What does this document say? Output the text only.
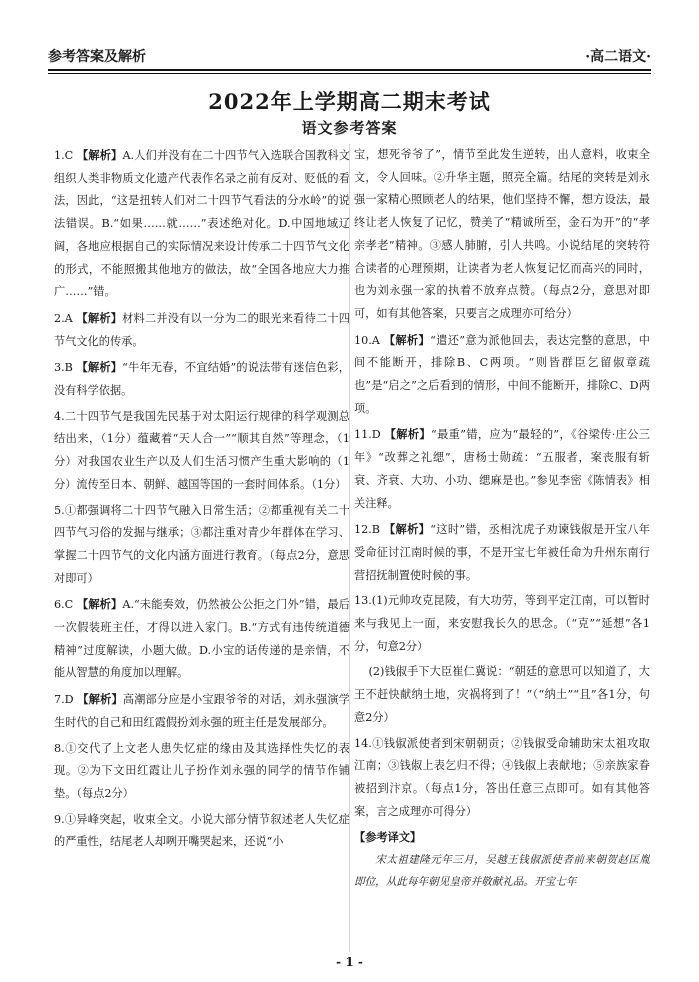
参考答案及解析	·高二语文·
2022年上学期高二期末考试
语文参考答案

1.C 【解析】A.人们并没有在二十四节气入选联合国教科文组织人类非物质文化遗产代表作名录之前有反对、贬低的看法，因此，“这是扭转人们对二十四节气看法的分水岭”的说法错误。B.“如果……就……”表述绝对化。D.中国地域辽阔，各地应根据自己的实际情况来设计传承二十四节气文化的形式，不能照搬其他地方的做法，故“全国各地应大力推广……”错。

2.A 【解析】材料二并没有以一分为二的眼光来看待二十四节气文化的传承。

3.B 【解析】“牛年无春，不宜结婚”的说法带有迷信色彩，没有科学依据。

4.二十四节气是我国先民基于对太阳运行规律的科学观测总结出来，（1分）蕴藏着“天人合一”“顺其自然”等理念，（1分）对我国农业生产以及人们生活习惯产生重大影响的（1分）流传至日本、朝鲜、越国等国的一套时间体系。（1分）

5.①都强调将二十四节气融入日常生活；②都重视有关二十四节气习俗的发掘与继承；③都注重对青少年群体在学习、掌握二十四节气的文化内涵方面进行教育。（每点2分，意思对即可）

6.C 【解析】A.“未能奏效，仍然被公公拒之门外”错，最后一次假装班主任，才得以进入家门。B.“方式有违传统道德精神”过度解读，小题大做。D.小宝的话传递的是亲情，不能从智慧的角度加以理解。

7.D 【解析】高潮部分应是小宝跟爷爷的对话，刘永强演学生时代的自己和田红霞假扮刘永强的班主任是发展部分。

8.①交代了上文老人患失忆症的缘由及其选择性失忆的表现。②为下文田红霞让儿子扮作刘永强的同学的情节作铺垫。（每点2分）

9.①异峰突起，收束全文。小说大部分情节叙述老人失忆症的严重性，结尾老人却咧开嘴哭起来，还说“小

宝，想死爷爷了”，情节至此发生逆转，出人意料，收束全文，令人回味。②升华主题，照亮全篇。结尾的突转是刘永强一家精心照顾老人的结果，他们坚持不懈，想方设法，最终让老人恢复了记忆，赞美了“精诚所至，金石为开”的“孝亲孝老”精神。③感人肺腑，引人共鸣。小说结尾的突转符合读者的心理预期，让读者为老人恢复记忆而高兴的同时，也为刘永强一家的执着不放弃点赞。（每点2分，意思对即可，如有其他答案，只要言之成理亦可给分）

10.A 【解析】“遣还”意为派他回去，表达完整的意思，中间不能断开，排除B、C两项。“则皆群臣乞留俶章疏也”是“启之”之后看到的情形，中间不能断开，排除C、D两项。

11.D 【解析】“最重”错，应为“最轻的”，《谷梁传·庄公三年》“改葬之礼缌”，唐杨士勋疏：“五服者，案丧服有斩衰、齐衰、大功、小功、缌麻是也。”参见李密《陈情表》相关注释。

12.B 【解析】“这时”错，丞相沈虎子劝谏钱俶是开宝八年受命征讨江南时候的事，不是开宝七年被任命为升州东南行营招抚制置使时候的事。

13.(1)元帅攻克昆陵，有大功劳，等到平定江南，可以暂时来与我见上一面，来安慰我长久的思念。（“克”“延想”各1分，句意2分）

(2)钱俶手下大臣崔仁冀说：“朝廷的意思可以知道了，大王不赶快献纳土地，灾祸将到了！”（“纳土”“且”各1分，句意2分）

14.①钱俶派使者到宋朝朝贡；②钱俶受命辅助宋太祖攻取江南；③钱俶上表乞归不得；④钱俶上表献地；⑤亲族家眷被招到汴京。（每点1分，答出任意三点即可。如有其他答案，言之成理亦可得分）

【参考译文】
宋太祖建隆元年三月，吴越王钱俶派使者前来朝贺赵匡胤即位，从此每年朝见皇帝并敬献礼品。开宝七年
- 1 -
